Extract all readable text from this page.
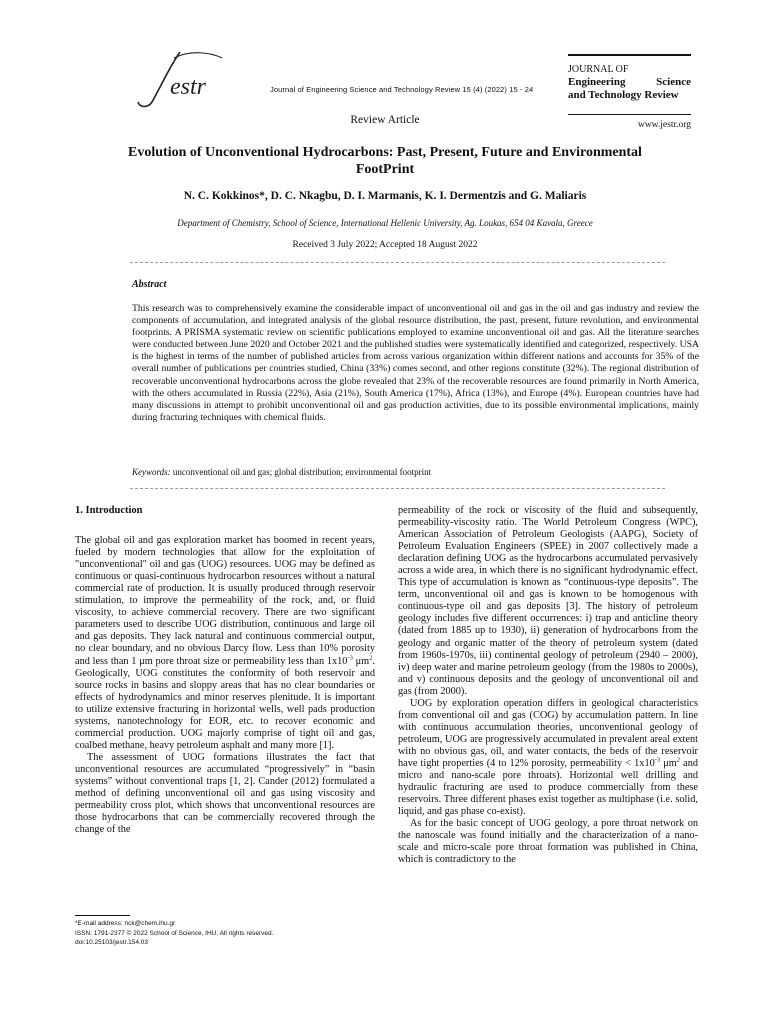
estr	Journal of Engineering Science and Technology Review 15 (4) (2022) 15 - 24
JOURNAL OF
Engineering	Science
and Technology Review
www.jestr.org
Review Article
Evolution of Unconventional Hydrocarbons: Past, Present, Future and Environmental FootPrint
N. C. Kokkinos*, D. C. Nkagbu, D. I. Marmanis, K. I. Dermentzis and G. Maliaris
Department of Chemistry, School of Science, International Hellenic University, Ag. Loukas, 654 04 Kavala, Greece
Received 3 July 2022; Accepted 18 August 2022
Abstract
This research was to comprehensively examine the considerable impact of unconventional oil and gas in the oil and gas industry and review the components of accumulation, and integrated analysis of the global resource distribution, the past, present, future revolution, and environmental footprints. A PRISMA systematic review on scientific publications employed to examine unconventional oil and gas. All the literature searches were conducted between June 2020 and October 2021 and the published studies were systematically identified and categorized, respectively. USA is the highest in terms of the number of published articles from across various organization within different nations and accounts for 35% of the overall number of publications per countries studied, China (33%) comes second, and other regions constitute (32%). The regional distribution of recoverable unconventional hydrocarbons across the globe revealed that 23% of the recoverable resources are found primarily in North America, with the others accumulated in Russia (22%), Asia (21%), South America (17%), Africa (13%), and Europe (4%). European countries have had many discussions in attempt to prohibit unconventional oil and gas production activities, due to its possible environmental implications, mainly during fracturing techniques with chemical fluids.
Keywords: unconventional oil and gas; global distribution; environmental footprint
1. Introduction

The global oil and gas exploration market has boomed in recent years, fueled by modern technologies that allow for the exploitation of "unconventional" oil and gas (UOG) resources. UOG may be defined as continuous or quasi-continuous hydrocarbon resources without a natural commercial rate of production. It is usually produced through reservoir stimulation, to improve the permeability of the rock, and, or fluid viscosity, to achieve commercial recovery. There are two significant parameters used to describe UOG distribution, continuous and large oil and gas deposits. They lack natural and continuous commercial output, no clear boundary, and no obvious Darcy flow. Less than 10% porosity and less than 1 μm pore throat size or permeability less than $1x10^{-3}$ $\mu m^2$. Geologically, UOG constitutes the conformity of both reservoir and source rocks in basins and sloppy areas that has no clear boundaries or effects of hydrodynamics and minor reserves plenitude. It is important to utilize extensive fracturing in horizontal wells, well pads production systems, nanotechnology for EOR, etc. to recover economic and commercial production. UOG majorly comprise of tight oil and gas, coalbed methane, heavy petroleum asphalt and many more [1].

The assessment of UOG formations illustrates the fact that unconventional resources are accumulated “progressively” in “basin systems” without conventional traps [1, 2]. Cander (2012) formulated a method of defining unconventional oil and gas using viscosity and permeability cross plot, which shows that unconventional resources are those hydrocarbons that can be commercially recovered through the change of the

permeability of the rock or viscosity of the fluid and subsequently, permeability-viscosity ratio. The World Petroleum Congress (WPC), American Association of Petroleum Geologists (AAPG), Society of Petroleum Evaluation Engineers (SPEE) in 2007 collectively made a declaration defining UOG as the hydrocarbons accumulated pervasively across a wide area, in which there is no significant hydrodynamic effect. This type of accumulation is known as “continuous-type deposits”. The term, unconventional oil and gas is known to be homogenous with continuous-type oil and gas deposits [3]. The history of petroleum geology includes five different occurrences: i) trap and anticline theory (dated from 1885 up to 1930), ii) generation of hydrocarbons from the geology and organic matter of the theory of petroleum system (dated from 1960s-1970s, iii) continental geology of petroleum (2940 – 2000), iv) deep water and marine petroleum geology (from the 1980s to 2000s), and v) continuous deposits and the geology of unconventional oil and gas (from 2000).

UOG by exploration operation differs in geological characteristics from conventional oil and gas (COG) by accumulation pattern. In line with continuous accumulation theories, unconventional geology of petroleum, UOG are progressively accumulated in prevalent areal extent with no obvious gas, oil, and water contacts, the beds of the reservoir have tight properties (4 to 12% porosity, permeability < $1x10^{-3}$ $\mu m^2$ and micro and nano-scale pore throats). Horizontal well drilling and hydraulic fracturing are used to produce commercially from these reservoirs. Three different phases exist together as multiphase (i.e. solid, liquid, and gas phase co-exist).

As for the basic concept of UOG geology, a pore throat network on the nanoscale was found initially and the characterization of a nano-scale and micro-scale pore throat formation was published in China, which is contradictory to the

*E-mail address: nck@chem.ihu.gr
ISSN: 1791-2377 © 2022 School of Science, IHU. All rights reserved.
doi:10.25103/jestr.154.03
